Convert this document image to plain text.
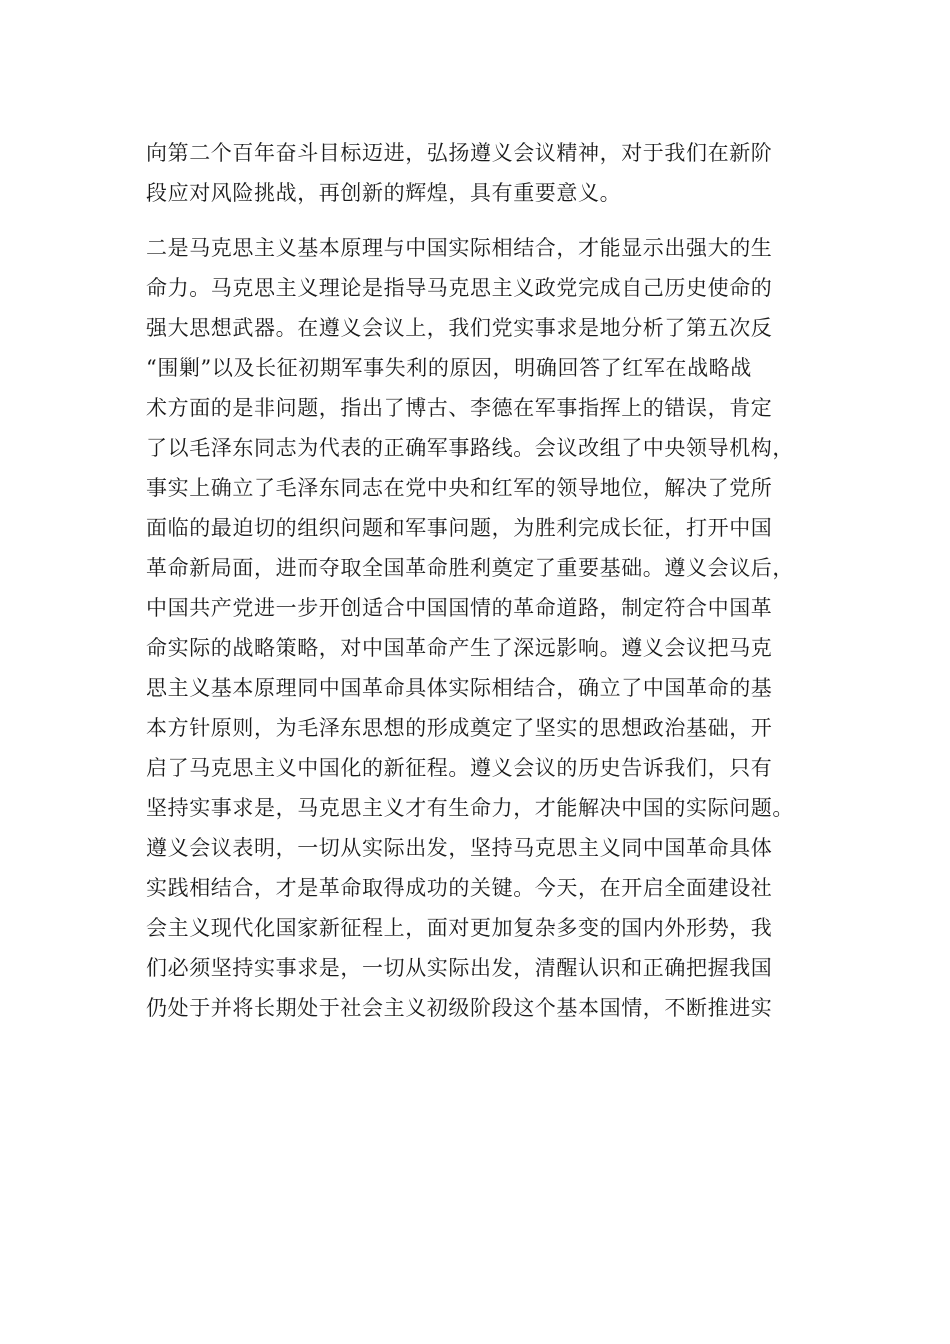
向第二个百年奋斗目标迈进，弘扬遵义会议精神，对于我们在新阶
段应对风险挑战，再创新的辉煌，具有重要意义。
二是马克思主义基本原理与中国实际相结合，才能显示出强大的生
命力。马克思主义理论是指导马克思主义政党完成自己历史使命的
强大思想武器。在遵义会议上，我们党实事求是地分析了第五次反
“围剿”以及长征初期军事失利的原因，明确回答了红军在战略战
术方面的是非问题，指出了博古、李德在军事指挥上的错误，肯定
了以毛泽东同志为代表的正确军事路线。会议改组了中央领导机构，
事实上确立了毛泽东同志在党中央和红军的领导地位，解决了党所
面临的最迫切的组织问题和军事问题，为胜利完成长征，打开中国
革命新局面，进而夺取全国革命胜利奠定了重要基础。遵义会议后，
中国共产党进一步开创适合中国国情的革命道路，制定符合中国革
命实际的战略策略，对中国革命产生了深远影响。遵义会议把马克
思主义基本原理同中国革命具体实际相结合，确立了中国革命的基
本方针原则，为毛泽东思想的形成奠定了坚实的思想政治基础，开
启了马克思主义中国化的新征程。遵义会议的历史告诉我们，只有
坚持实事求是，马克思主义才有生命力，才能解决中国的实际问题。
遵义会议表明，一切从实际出发，坚持马克思主义同中国革命具体
实践相结合，才是革命取得成功的关键。今天，在开启全面建设社
会主义现代化国家新征程上，面对更加复杂多变的国内外形势，我
们必须坚持实事求是，一切从实际出发，清醒认识和正确把握我国
仍处于并将长期处于社会主义初级阶段这个基本国情，不断推进实
